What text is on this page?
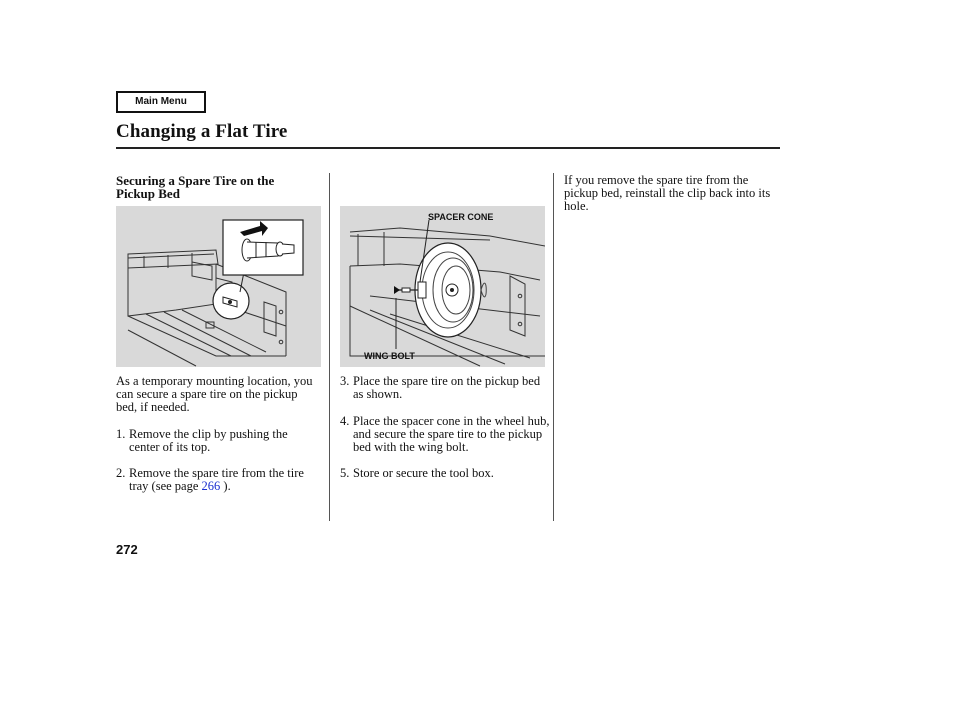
Main Menu
Changing a Flat Tire
Securing a Spare Tire on the Pickup Bed
SPACER CONE
WING BOLT

As a temporary mounting location, you can secure a spare tire on the pickup bed, if needed.

1. Remove the clip by pushing the center of its top.
2. Remove the spare tire from the tire tray (see page 266 ).
3. Place the spare tire on the pickup bed as shown.
4. Place the spacer cone in the wheel hub, and secure the spare tire to the pickup bed with the wing bolt.
5. Store or secure the tool box.

If you remove the spare tire from the pickup bed, reinstall the clip back into its hole.

272
